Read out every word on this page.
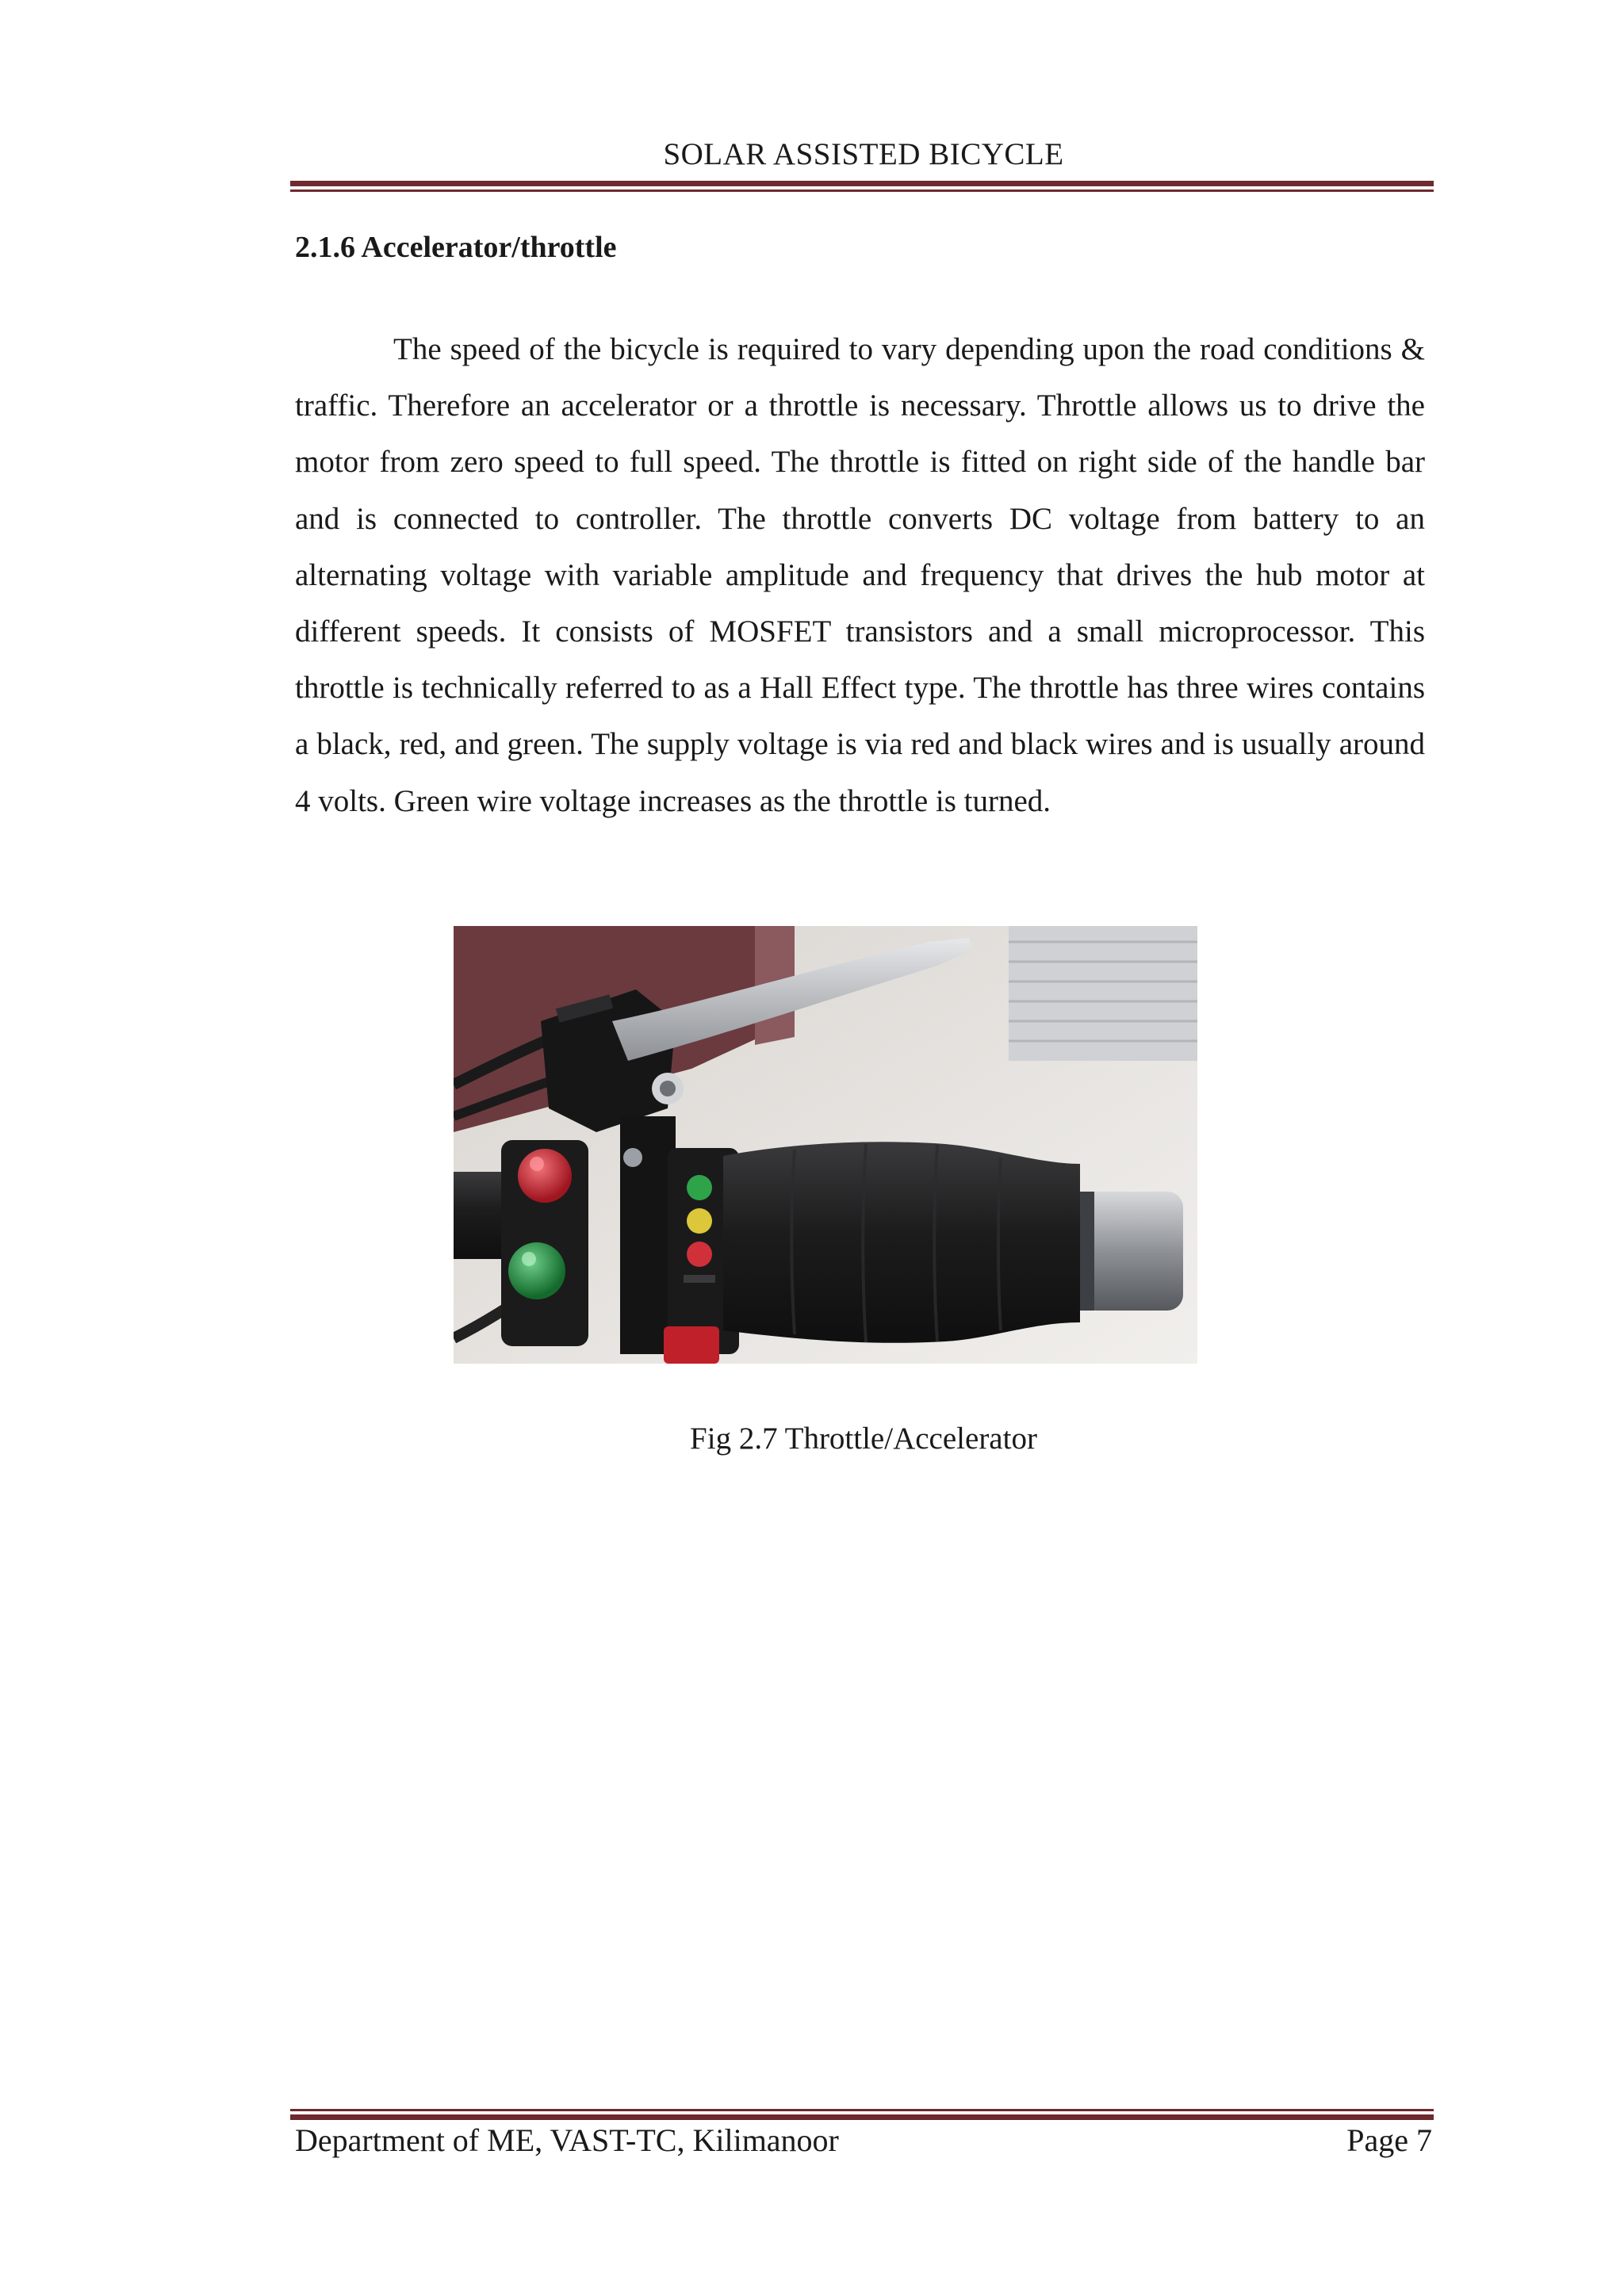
SOLAR ASSISTED BICYCLE

2.1.6 Accelerator/throttle

The speed of the bicycle is required to vary depending upon the road conditions & traffic. Therefore an accelerator or a throttle is necessary. Throttle allows us to drive the motor from zero speed to full speed. The throttle is fitted on right side of the handle bar and is connected to controller. The throttle converts DC voltage from battery to an alternating voltage with variable amplitude and frequency that drives the hub motor at different speeds. It consists of MOSFET transistors and a small microprocessor. This throttle is technically referred to as a Hall Effect type. The throttle has three wires contains a black, red, and green. The supply voltage is via red and black wires and is usually around 4 volts. Green wire voltage increases as the throttle is turned.

Fig 2.7 Throttle/Accelerator

Department of ME, VAST-TC, Kilimanoor	Page 7
